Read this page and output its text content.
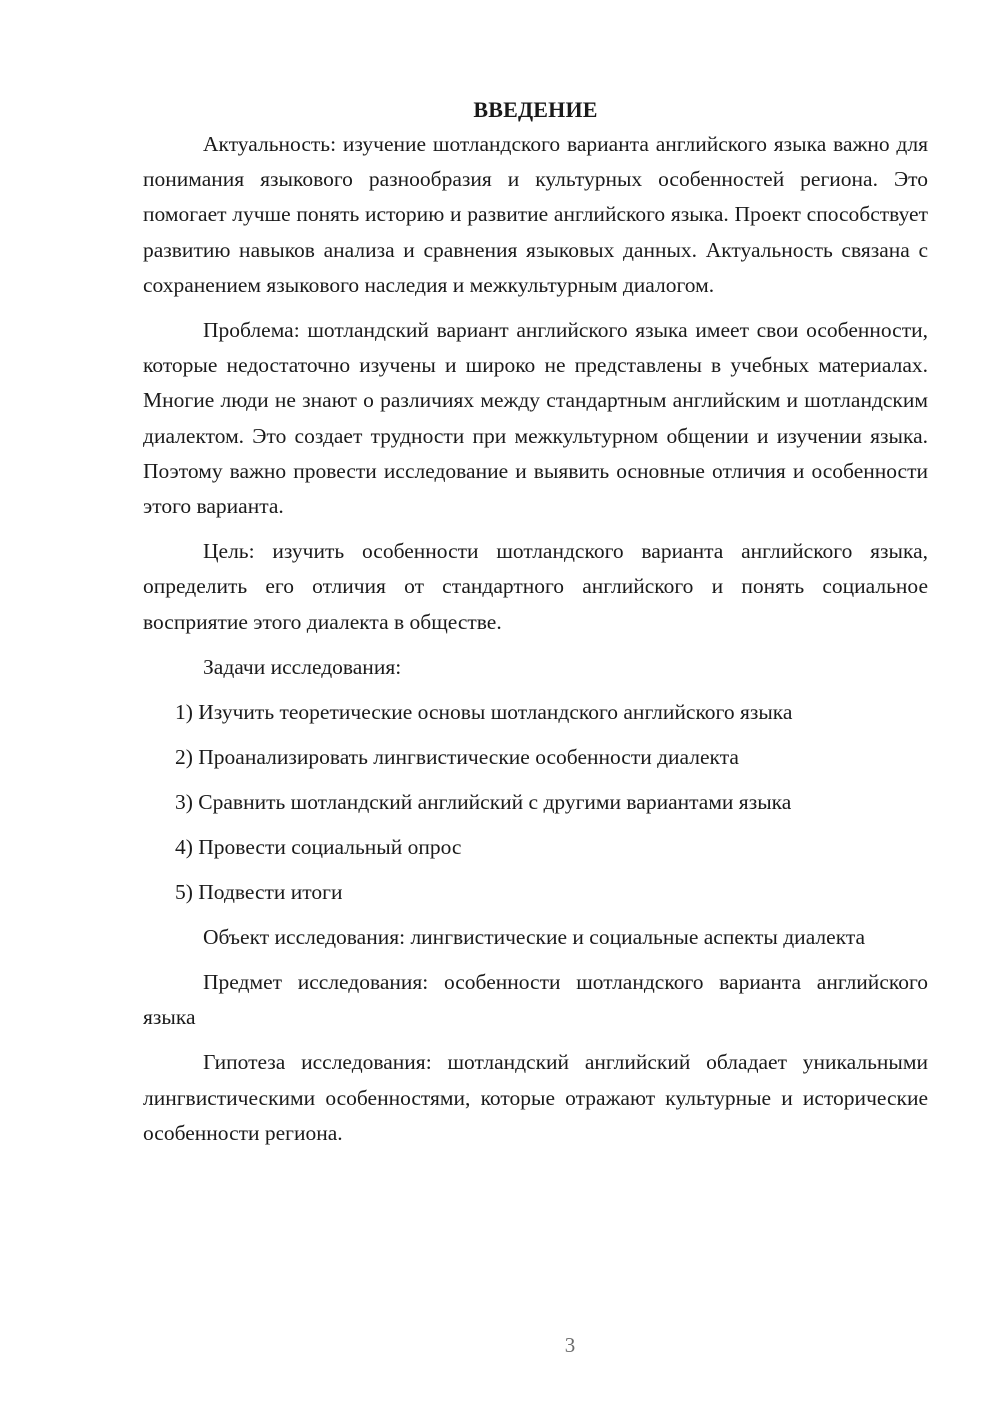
ВВЕДЕНИЕ

Актуальность: изучение шотландского варианта английского языка важно для понимания языкового разнообразия и культурных особенностей региона. Это помогает лучше понять историю и развитие английского языка. Проект способствует развитию навыков анализа и сравнения языковых данных. Актуальность связана с сохранением языкового наследия и межкультурным диалогом.

Проблема: шотландский вариант английского языка имеет свои особенности, которые недостаточно изучены и широко не представлены в учебных материалах. Многие люди не знают о различиях между стандартным английским и шотландским диалектом. Это создает трудности при межкультурном общении и изучении языка. Поэтому важно провести исследование и выявить основные отличия и особенности этого варианта.

Цель: изучить особенности шотландского варианта английского языка, определить его отличия от стандартного английского и понять социальное восприятие этого диалекта в обществе.

Задачи исследования:

1) Изучить теоретические основы шотландского английского языка
2) Проанализировать лингвистические особенности диалекта
3) Сравнить шотландский английский с другими вариантами языка
4) Провести социальный опрос
5) Подвести итоги

Объект исследования: лингвистические и социальные аспекты диалекта

Предмет исследования: особенности шотландского варианта английского языка

Гипотеза исследования: шотландский английский обладает уникальными лингвистическими особенностями, которые отражают культурные и исторические особенности региона.

3
